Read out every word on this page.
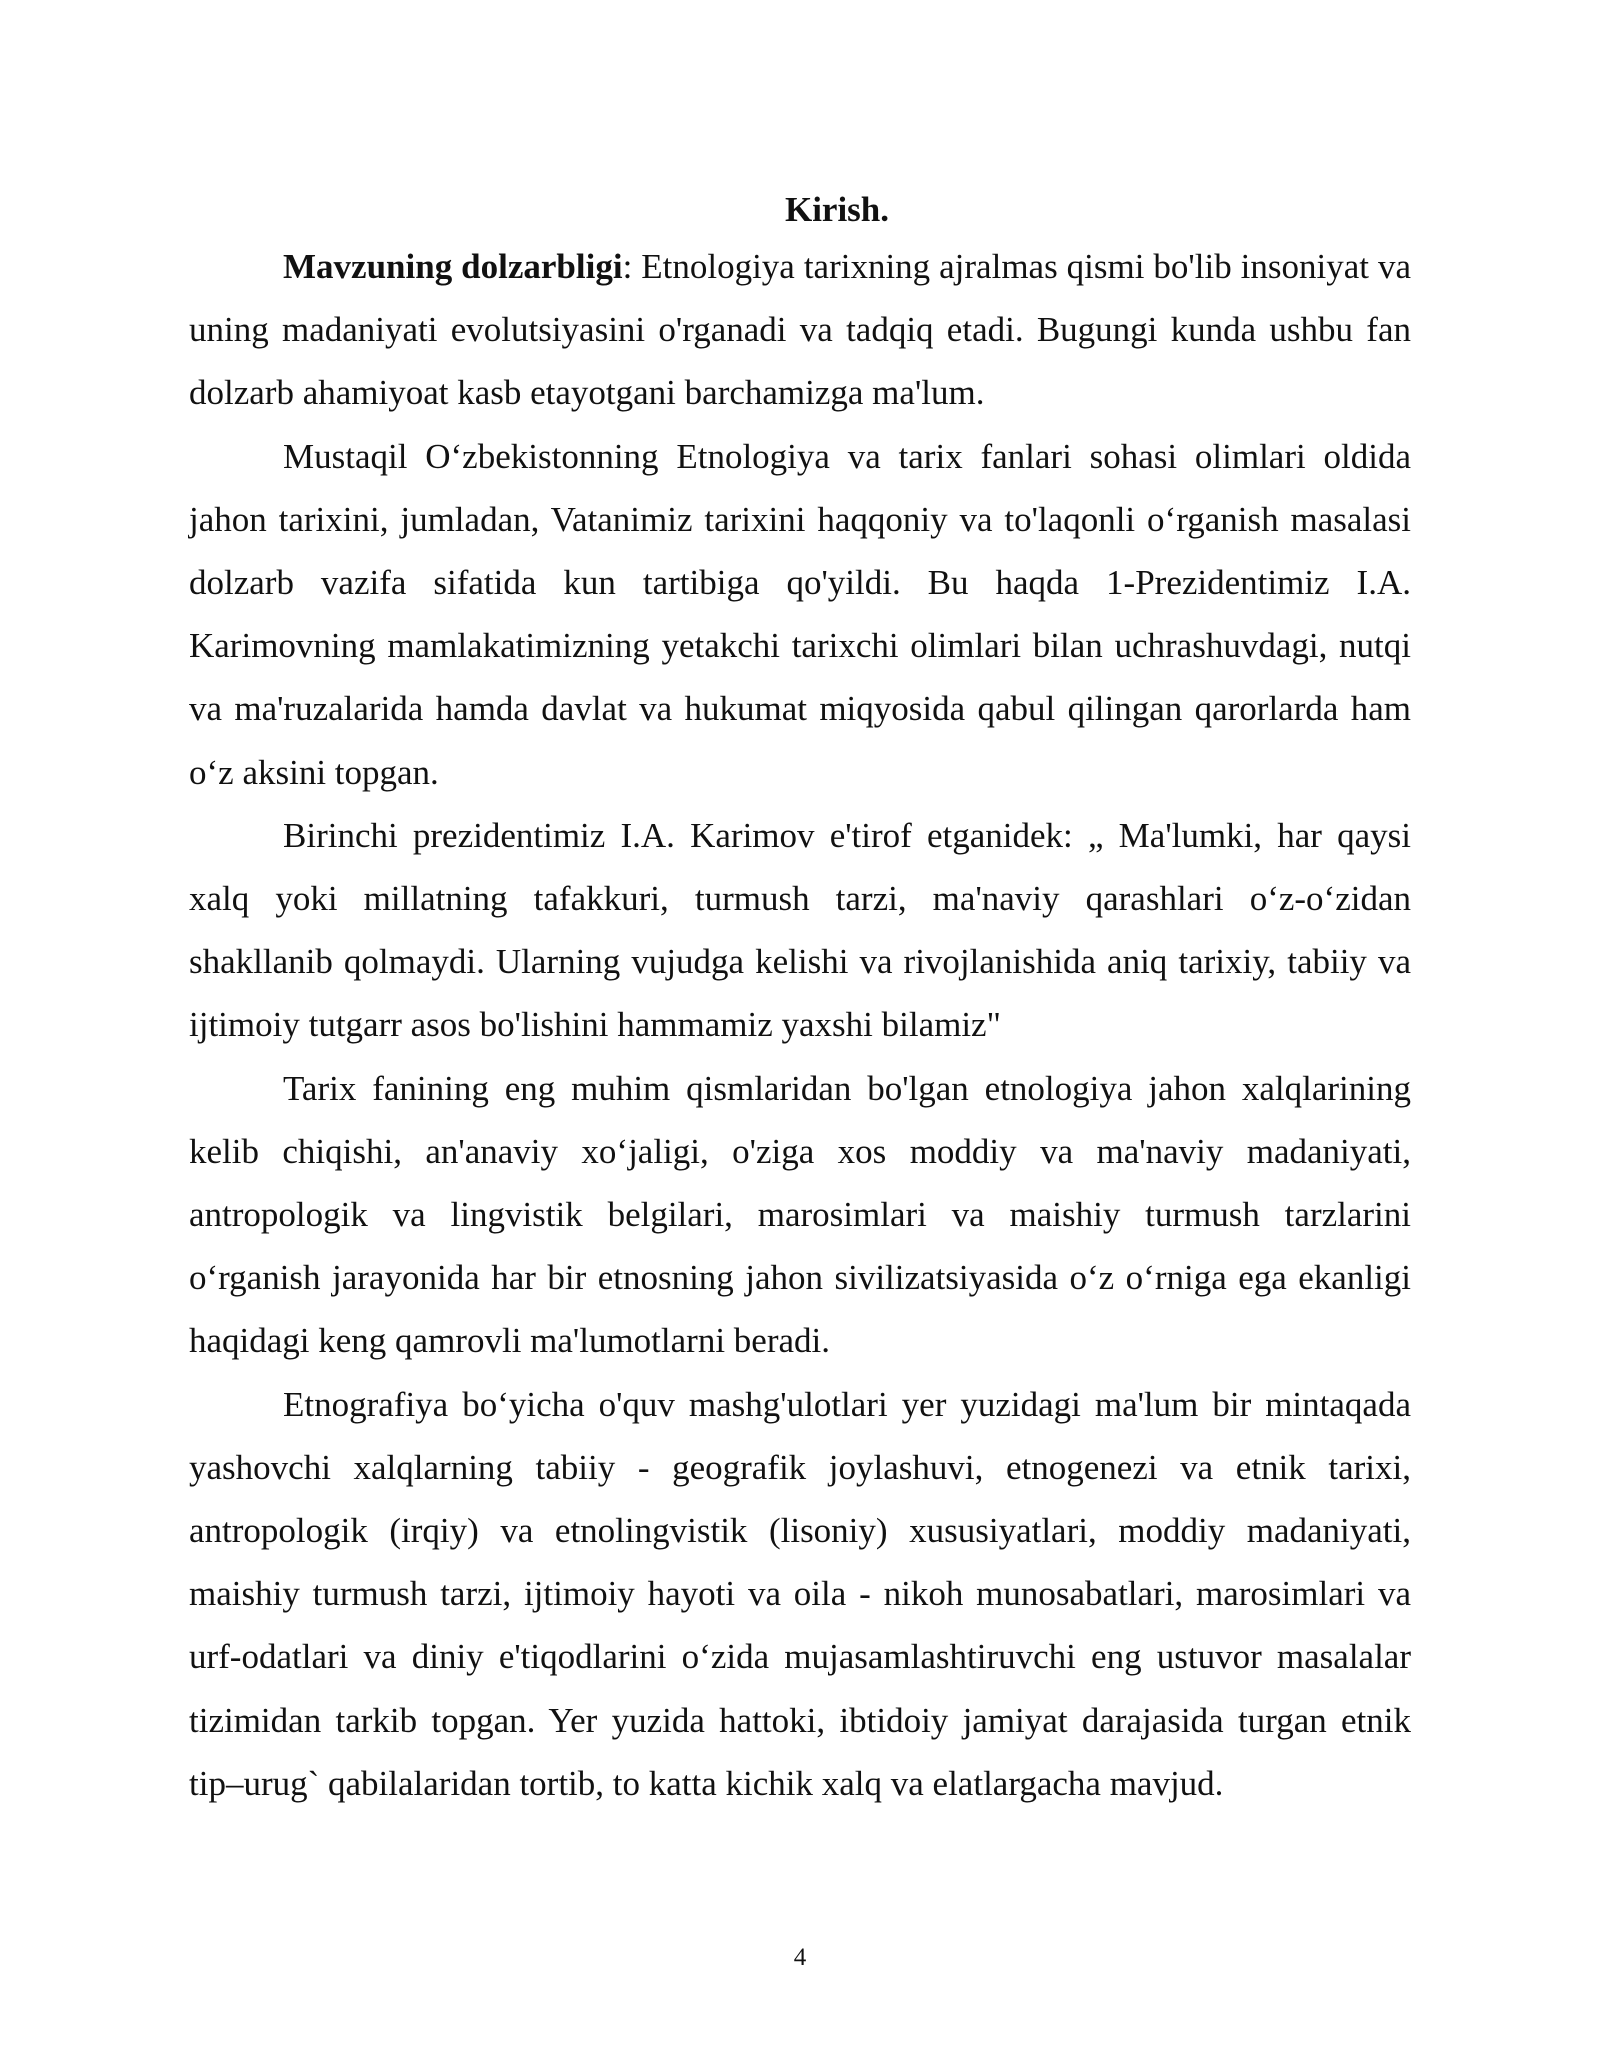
Kirish.

Mavzuning dolzarbligi: Etnologiya tarixning ajralmas qismi bo'lib insoniyat va uning madaniyati evolutsiyasini o'rganadi va tadqiq etadi. Bugungi kunda ushbu fan dolzarb ahamiyoat kasb etayotgani barchamizga ma'lum.

Mustaqil O‘zbekistonning Etnologiya va tarix fanlari sohasi olimlari oldida jahon tarixini, jumladan, Vatanimiz tarixini haqqoniy va to'laqonli o‘rganish masalasi dolzarb vazifa sifatida kun tartibiga qo'yildi. Bu haqda 1-Prezidentimiz I.A. Karimovning mamlakatimizning yetakchi tarixchi olimlari bilan uchrashuvdagi, nutqi va ma'ruzalarida hamda davlat va hukumat miqyosida qabul qilingan qarorlarda ham o‘z aksini topgan.

Birinchi prezidentimiz I.A. Karimov e'tirof etganidek: „ Ma'lumki, har qaysi xalq yoki millatning tafakkuri, turmush tarzi, ma'naviy qarashlari o‘z-o‘zidan shakllanib qolmaydi. Ularning vujudga kelishi va rivojlanishida aniq tarixiy, tabiiy va ijtimoiy tutgarr asos bo'lishini hammamiz yaxshi bilamiz"

Tarix fanining eng muhim qismlaridan bo'lgan etnologiya jahon xalqlarining kelib chiqishi, an'anaviy xo‘jaligi, o'ziga xos moddiy va ma'naviy madaniyati, antropologik va lingvistik belgilari, marosimlari va maishiy turmush tarzlarini o‘rganish jarayonida har bir etnosning jahon sivilizatsiyasida o‘z o‘rniga ega ekanligi haqidagi keng qamrovli ma'lumotlarni beradi.

Etnografiya bo‘yicha o'quv mashg'ulotlari yer yuzidagi ma'lum bir mintaqada yashovchi xalqlarning tabiiy - geografik joylashuvi, etnogenezi va etnik tarixi, antropologik (irqiy) va etnolingvistik (lisoniy) xususiyatlari, moddiy madaniyati, maishiy turmush tarzi, ijtimoiy hayoti va oila - nikoh munosabatlari, marosimlari va urf-odatlari va diniy e'tiqodlarini o‘zida mujasamlashtiruvchi eng ustuvor masalalar tizimidan tarkib topgan. Yer yuzida hattoki, ibtidoiy jamiyat darajasida turgan etnik tip–urug` qabilalaridan tortib, to katta kichik xalq va elatlargacha mavjud.

4
